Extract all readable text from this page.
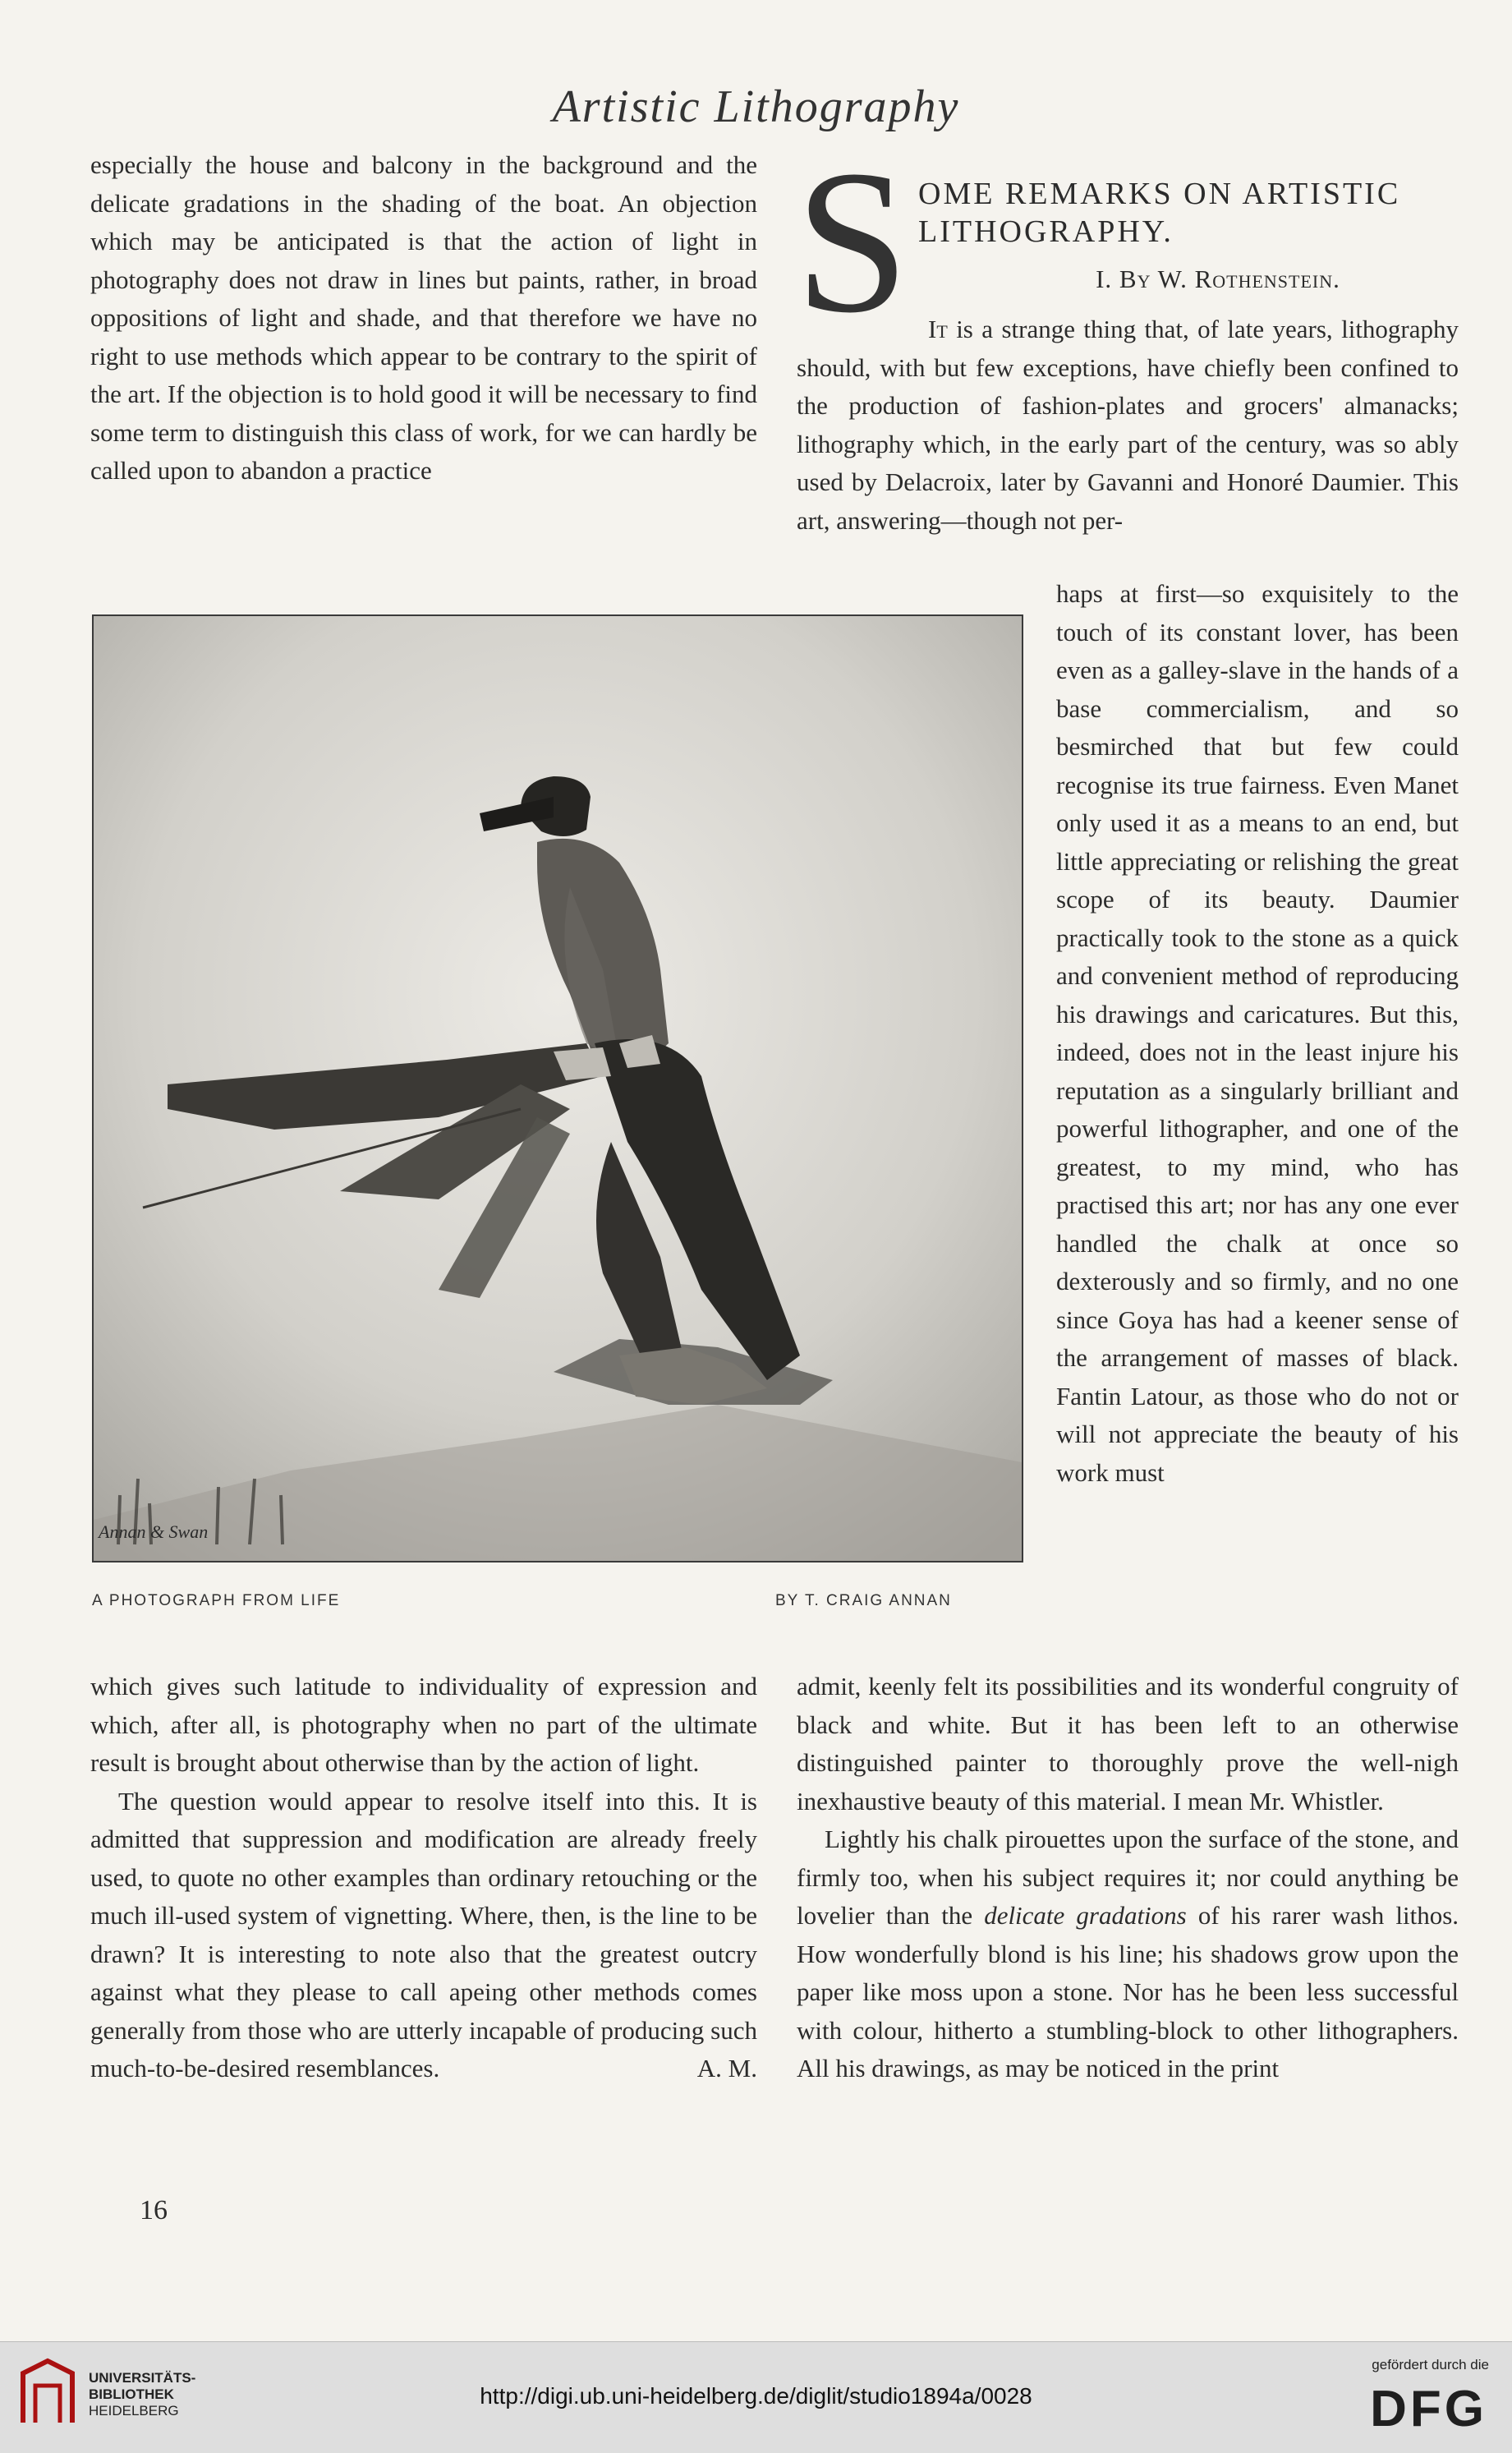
Artistic Lithography

especially the house and balcony in the background and the delicate gradations in the shading of the boat. An objection which may be anticipated is that the action of light in photography does not draw in lines but paints, rather, in broad oppositions of light and shade, and that therefore we have no right to use methods which appear to be contrary to the spirit of the art. If the objection is to hold good it will be necessary to find some term to distinguish this class of work, for we can hardly be called upon to abandon a practice

Annan & Swan
A PHOTOGRAPH FROM LIFE	BY T. CRAIG ANNAN

which gives such latitude to individuality of expression and which, after all, is photography when no part of the ultimate result is brought about otherwise than by the action of light.

The question would appear to resolve itself into this. It is admitted that suppression and modification are already freely used, to quote no other examples than ordinary retouching or the much ill-used system of vignetting. Where, then, is the line to be drawn? It is interesting to note also that the greatest outcry against what they please to call apeing other methods comes generally from those who are utterly incapable of producing such much-to-be-desired resemblances.	A. M.

S OME REMARKS ON ARTISTIC
LITHOGRAPHY.
I. By W. Rothenstein.

It is a strange thing that, of late years, lithography should, with but few exceptions, have chiefly been confined to the production of fashion-plates and grocers' almanacks; lithography which, in the early part of the century, was so ably used by Delacroix, later by Gavanni and Honoré Daumier. This art, answering—though not per-

haps at first—so exquisitely to the touch of its constant lover, has been even as a galley-slave in the hands of a base commercialism, and so besmirched that but few could recognise its true fairness. Even Manet only used it as a means to an end, but little appreciating or relishing the great scope of its beauty. Daumier practically took to the stone as a quick and convenient method of reproducing his drawings and caricatures. But this, indeed, does not in the least injure his reputation as a singularly brilliant and powerful lithographer, and one of the greatest, to my mind, who has practised this art; nor has any one ever handled the chalk at once so dexterously and so firmly, and no one since Goya has had a keener sense of the arrangement of masses of black. Fantin Latour, as those who do not or will not appreciate the beauty of his work must

admit, keenly felt its possibilities and its wonderful congruity of black and white. But it has been left to an otherwise distinguished painter to thoroughly prove the well-nigh inexhaustive beauty of this material. I mean Mr. Whistler.

Lightly his chalk pirouettes upon the surface of the stone, and firmly too, when his subject requires it; nor could anything be lovelier than the delicate gradations of his rarer wash lithos. How wonderfully blond is his line; his shadows grow upon the paper like moss upon a stone. Nor has he been less successful with colour, hitherto a stumbling-block to other lithographers. All his drawings, as may be noticed in the print

16
UNIVERSITÄTS-
BIBLIOTHEK
HEIDELBERG
http://digi.ub.uni-heidelberg.de/diglit/studio1894a/0028
gefördert durch die
DFG
